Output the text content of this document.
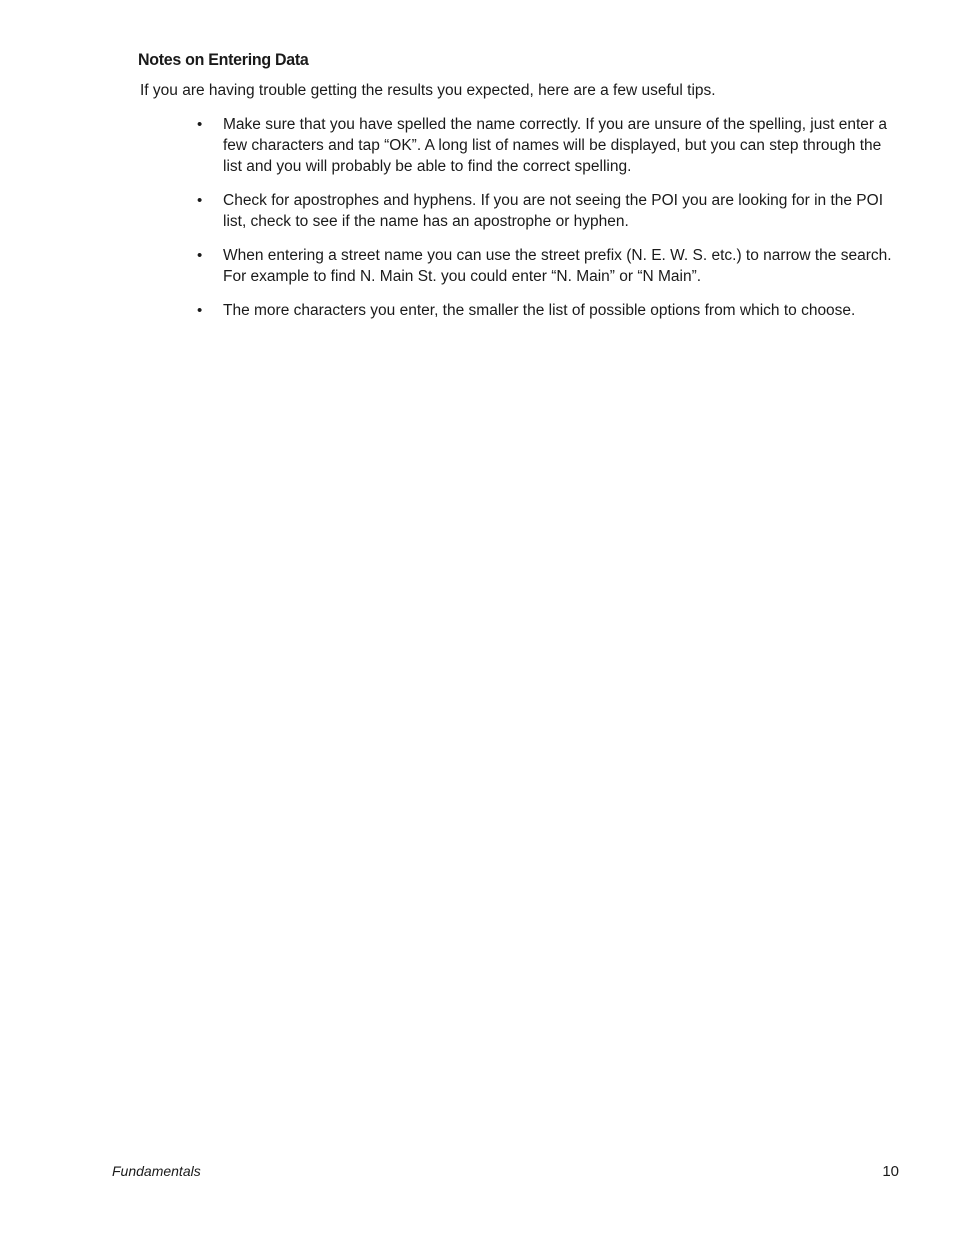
Notes on Entering Data

If you are having trouble getting the results you expected, here are a few useful tips.

• Make sure that you have spelled the name correctly. If you are unsure of the spelling, just enter a few characters and tap “OK”. A long list of names will be displayed, but you can step through the list and you will probably be able to find the correct spelling.
• Check for apostrophes and hyphens. If you are not seeing the POI you are looking for in the POI list, check to see if the name has an apostrophe or hyphen.
• When entering a street name you can use the street prefix (N. E. W. S. etc.) to narrow the search. For example to find N. Main St. you could enter “N. Main” or “N Main”.
• The more characters you enter, the smaller the list of possible options from which to choose.
Fundamentals	10
